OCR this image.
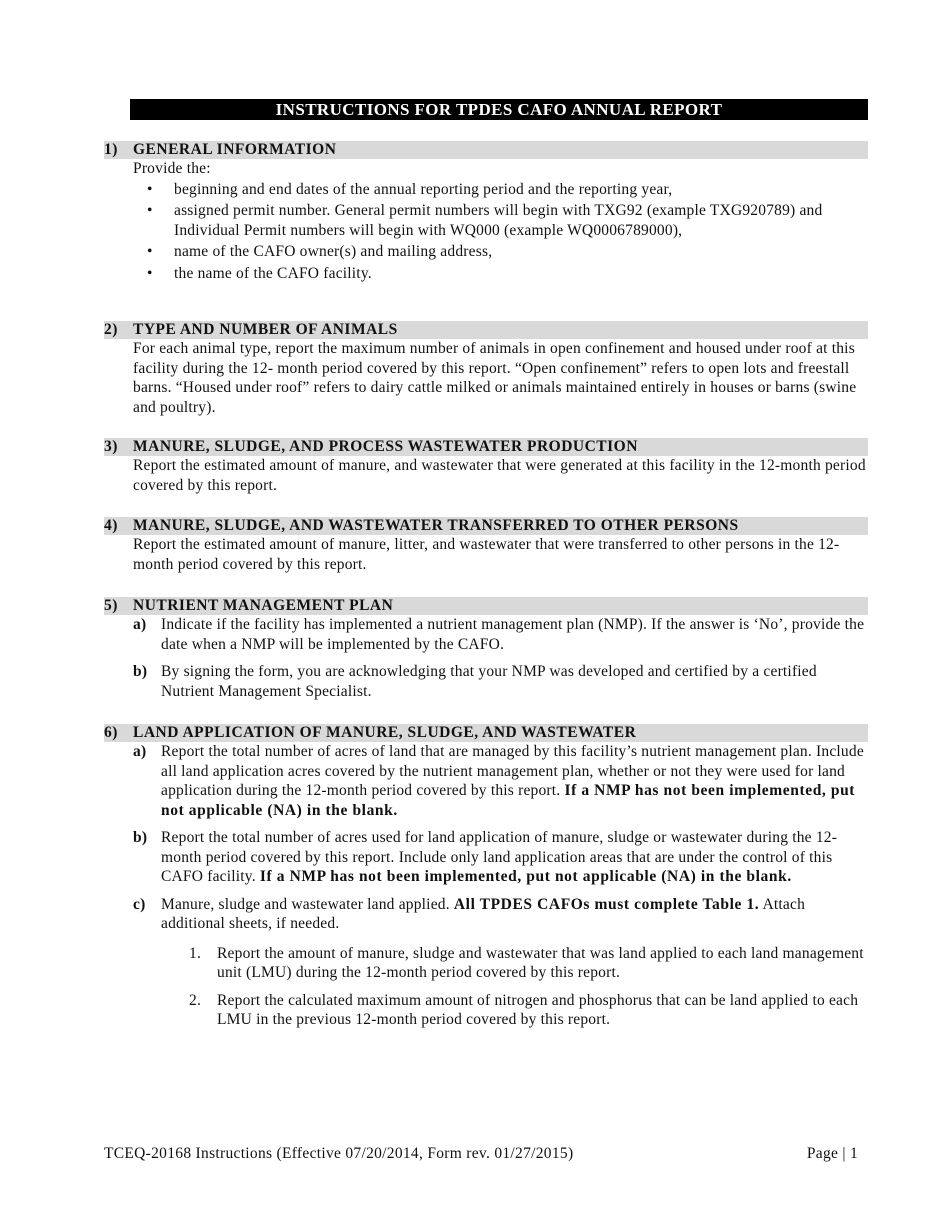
INSTRUCTIONS FOR TPDES CAFO ANNUAL REPORT
1) GENERAL INFORMATION
Provide the:
• beginning and end dates of the annual reporting period and the reporting year,
• assigned permit number. General permit numbers will begin with TXG92 (example TXG920789) and Individual Permit numbers will begin with WQ000 (example WQ0006789000),
• name of the CAFO owner(s) and mailing address,
• the name of the CAFO facility.
2) TYPE AND NUMBER OF ANIMALS
For each animal type, report the maximum number of animals in open confinement and housed under roof at this facility during the 12- month period covered by this report. “Open confinement” refers to open lots and freestall barns. “Housed under roof” refers to dairy cattle milked or animals maintained entirely in houses or barns (swine and poultry).
3) MANURE, SLUDGE, AND PROCESS WASTEWATER PRODUCTION
Report the estimated amount of manure, and wastewater that were generated at this facility in the 12-month period covered by this report.
4) MANURE, SLUDGE, AND WASTEWATER TRANSFERRED TO OTHER PERSONS
Report the estimated amount of manure, litter, and wastewater that were transferred to other persons in the 12-month period covered by this report.
5) NUTRIENT MANAGEMENT PLAN
a) Indicate if the facility has implemented a nutrient management plan (NMP). If the answer is ‘No’, provide the date when a NMP will be implemented by the CAFO.
b) By signing the form, you are acknowledging that your NMP was developed and certified by a certified Nutrient Management Specialist.
6) LAND APPLICATION OF MANURE, SLUDGE, AND WASTEWATER
a) Report the total number of acres of land that are managed by this facility’s nutrient management plan. Include all land application acres covered by the nutrient management plan, whether or not they were used for land application during the 12-month period covered by this report. If a NMP has not been implemented, put not applicable (NA) in the blank.
b) Report the total number of acres used for land application of manure, sludge or wastewater during the 12-month period covered by this report. Include only land application areas that are under the control of this CAFO facility. If a NMP has not been implemented, put not applicable (NA) in the blank.
c) Manure, sludge and wastewater land applied. All TPDES CAFOs must complete Table 1. Attach additional sheets, if needed.
1. Report the amount of manure, sludge and wastewater that was land applied to each land management unit (LMU) during the 12-month period covered by this report.
2. Report the calculated maximum amount of nitrogen and phosphorus that can be land applied to each LMU in the previous 12-month period covered by this report.
TCEQ-20168 Instructions (Effective 07/20/2014, Form rev. 01/27/2015)	Page | 1
